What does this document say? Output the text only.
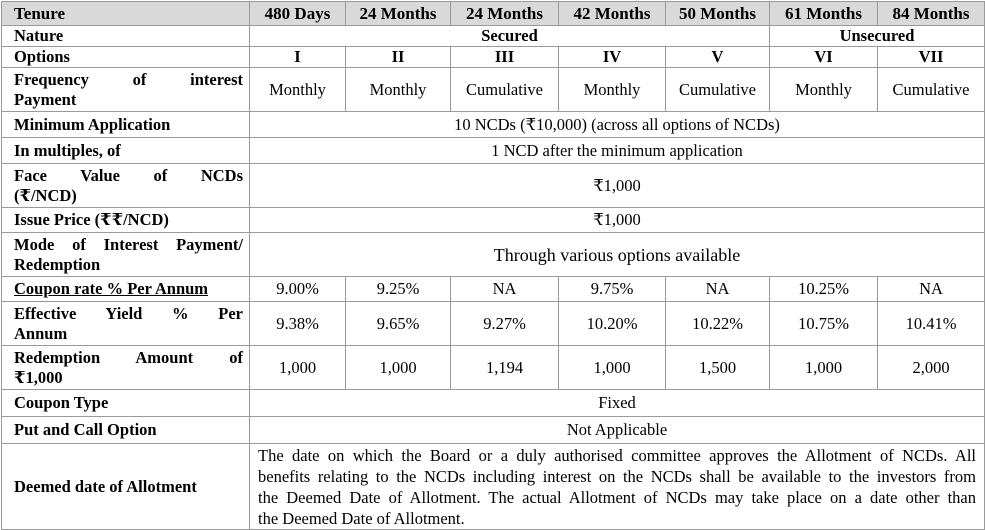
Tenure	480 Days	24 Months	24 Months	42 Months	50 Months	61 Months	84 Months
Nature	Secured					Unsecured	
Options	I	II	III	IV	V	VI	VII

Frequency of interest
Payment	Monthly	Monthly	Cumulative	Monthly	Cumulative	Monthly	Cumulative
Minimum Application	10 NCDs (₹10,000) (across all options of NCDs)						
In multiples, of	1 NCD after the minimum application						

Face Value of NCDs
(₹/NCD)	₹1,000						
Issue Price (₹₹/NCD)	₹1,000						

Mode of Interest Payment/
Redemption	Through various options available						
Coupon rate % Per Annum	9.00%	9.25%	NA	9.75%	NA	10.25%	NA

Effective Yield % Per
Annum	9.38%	9.65%	9.27%	10.20%	10.22%	10.75%	10.41%

Redemption Amount of
₹1,000	1,000	1,000	1,194	1,000	1,500	1,000	2,000
Coupon Type	Fixed						
Put and Call Option	Not Applicable						
Deemed date of Allotment	The date on which the Board or a duly authorised committee approves the Allotment of NCDs. All
benefits relating to the NCDs including interest on the NCDs shall be available to the investors from
the Deemed Date of Allotment. The actual Allotment of NCDs may take place on a date other than
the Deemed Date of Allotment.						
